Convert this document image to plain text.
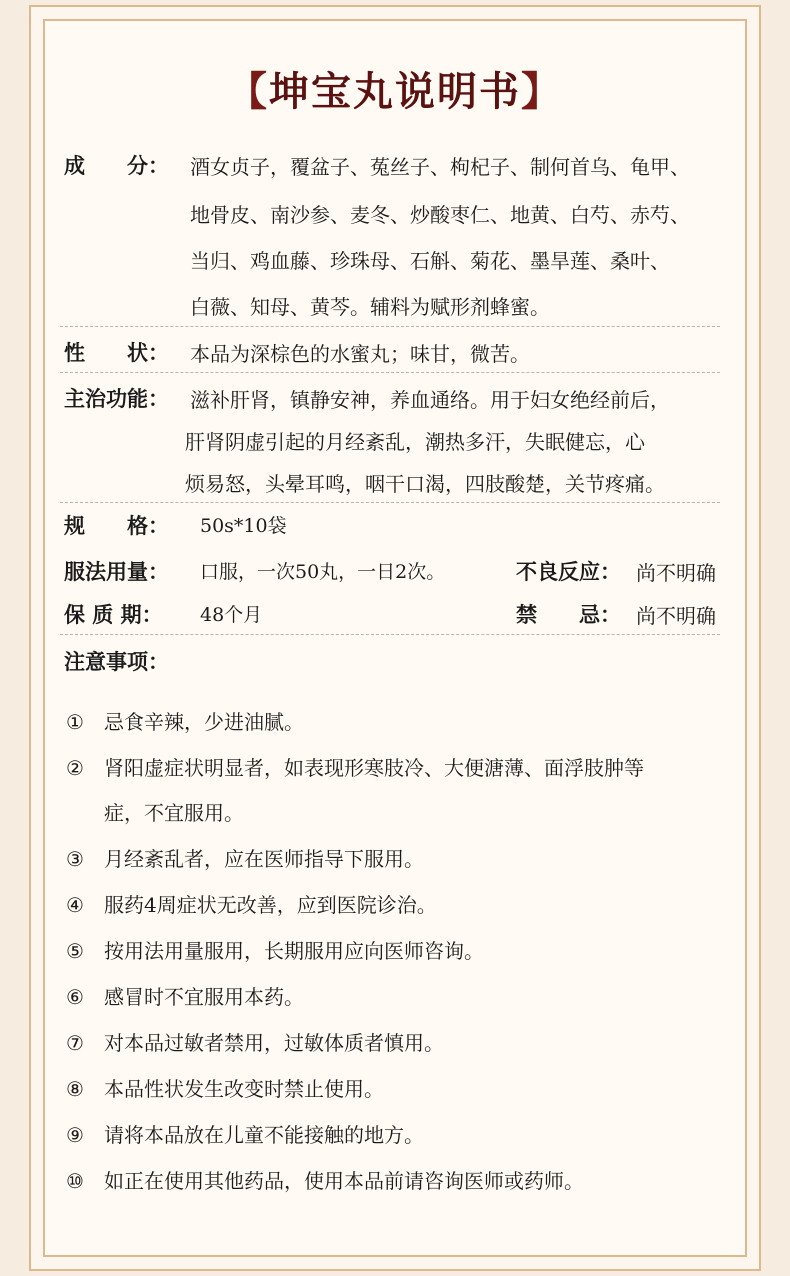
【坤宝丸说明书】
成　　分： 酒女贞子，覆盆子、菟丝子、枸杞子、制何首乌、龟甲、
地骨皮、南沙参、麦冬、炒酸枣仁、地黄、白芍、赤芍、
当归、鸡血藤、珍珠母、石斛、菊花、墨旱莲、桑叶、
白薇、知母、黄芩。辅料为赋形剂蜂蜜。
性　　状： 本品为深棕色的水蜜丸；味甘，微苦。
主治功能： 滋补肝肾，镇静安神，养血通络。用于妇女绝经前后，
肝肾阴虚引起的月经紊乱，潮热多汗，失眠健忘，心
烦易怒，头晕耳鸣，咽干口渴，四肢酸楚，关节疼痛。
规　　格： 50s*10袋
服法用量： 口服，一次50丸，一日2次。	不良反应： 尚不明确
保 质 期： 48个月	禁　　忌： 尚不明确
注意事项：
① 忌食辛辣，少进油腻。
② 肾阳虚症状明显者，如表现形寒肢冷、大便溏薄、面浮肢肿等
症，不宜服用。
③ 月经紊乱者，应在医师指导下服用。
④ 服药4周症状无改善，应到医院诊治。
⑤ 按用法用量服用，长期服用应向医师咨询。
⑥ 感冒时不宜服用本药。
⑦ 对本品过敏者禁用，过敏体质者慎用。
⑧ 本品性状发生改变时禁止使用。
⑨ 请将本品放在儿童不能接触的地方。
⑩ 如正在使用其他药品，使用本品前请咨询医师或药师。
